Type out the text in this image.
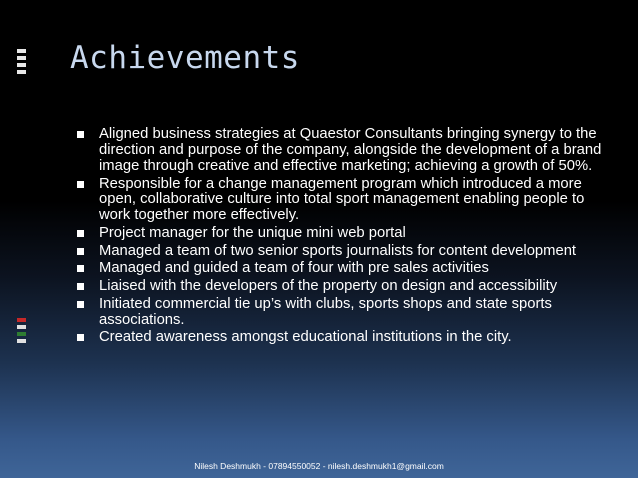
Achievements
Aligned business strategies at Quaestor Consultants bringing synergy to the direction and purpose of the company, alongside the development of a brand image through creative and effective marketing; achieving a growth of 50%.
Responsible for a change management program which introduced a more open, collaborative culture into total sport management enabling people to work together more effectively.
Project manager for the unique mini web portal
Managed a team of two senior sports journalists for content development
Managed and guided a team of four with pre sales activities
Liaised with the developers of the property on design and accessibility
Initiated commercial tie up’s with clubs, sports shops and state sports associations.
Created awareness amongst educational institutions in the city.
Nilesh Deshmukh - 07894550052 - nilesh.deshmukh1@gmail.com
